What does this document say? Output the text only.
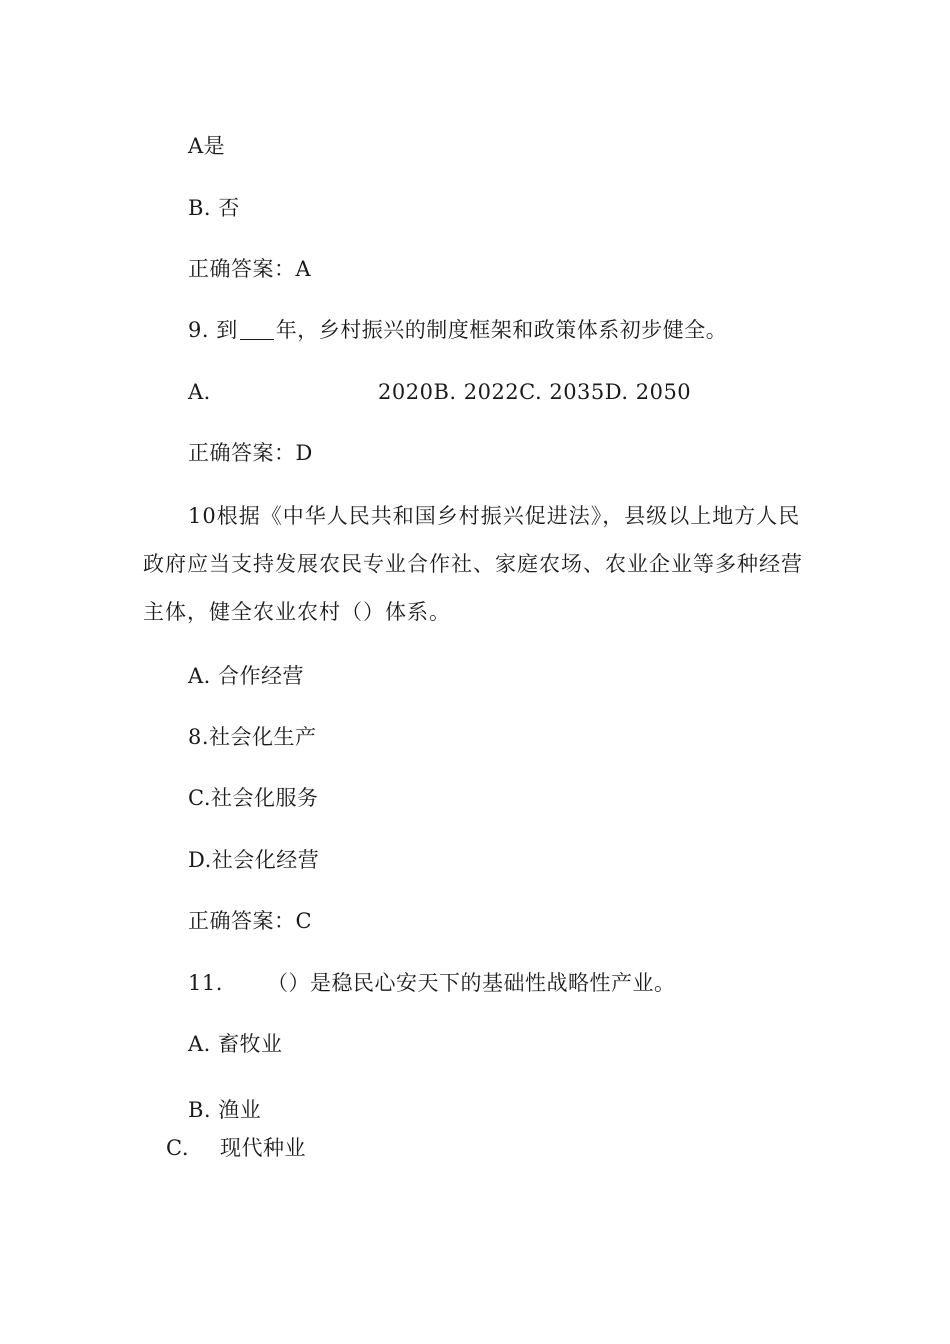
A是
B. 否
正确答案：A
9. 到 年，乡村振兴的制度框架和政策体系初步健全。
A.	2020B. 2022C. 2035D. 2050
正确答案：D
10根据《中华人民共和国乡村振兴促进法》，县级以上地方人民政府应当支持发展农民专业合作社、家庭农场、农业企业等多种经营主体，健全农业农村（）体系。
A. 合作经营
8.社会化生产
C.社会化服务
D.社会化经营
正确答案：C
11. （）是稳民心安天下的基础性战略性产业。
A. 畜牧业
B. 渔业
C. 现代种业
